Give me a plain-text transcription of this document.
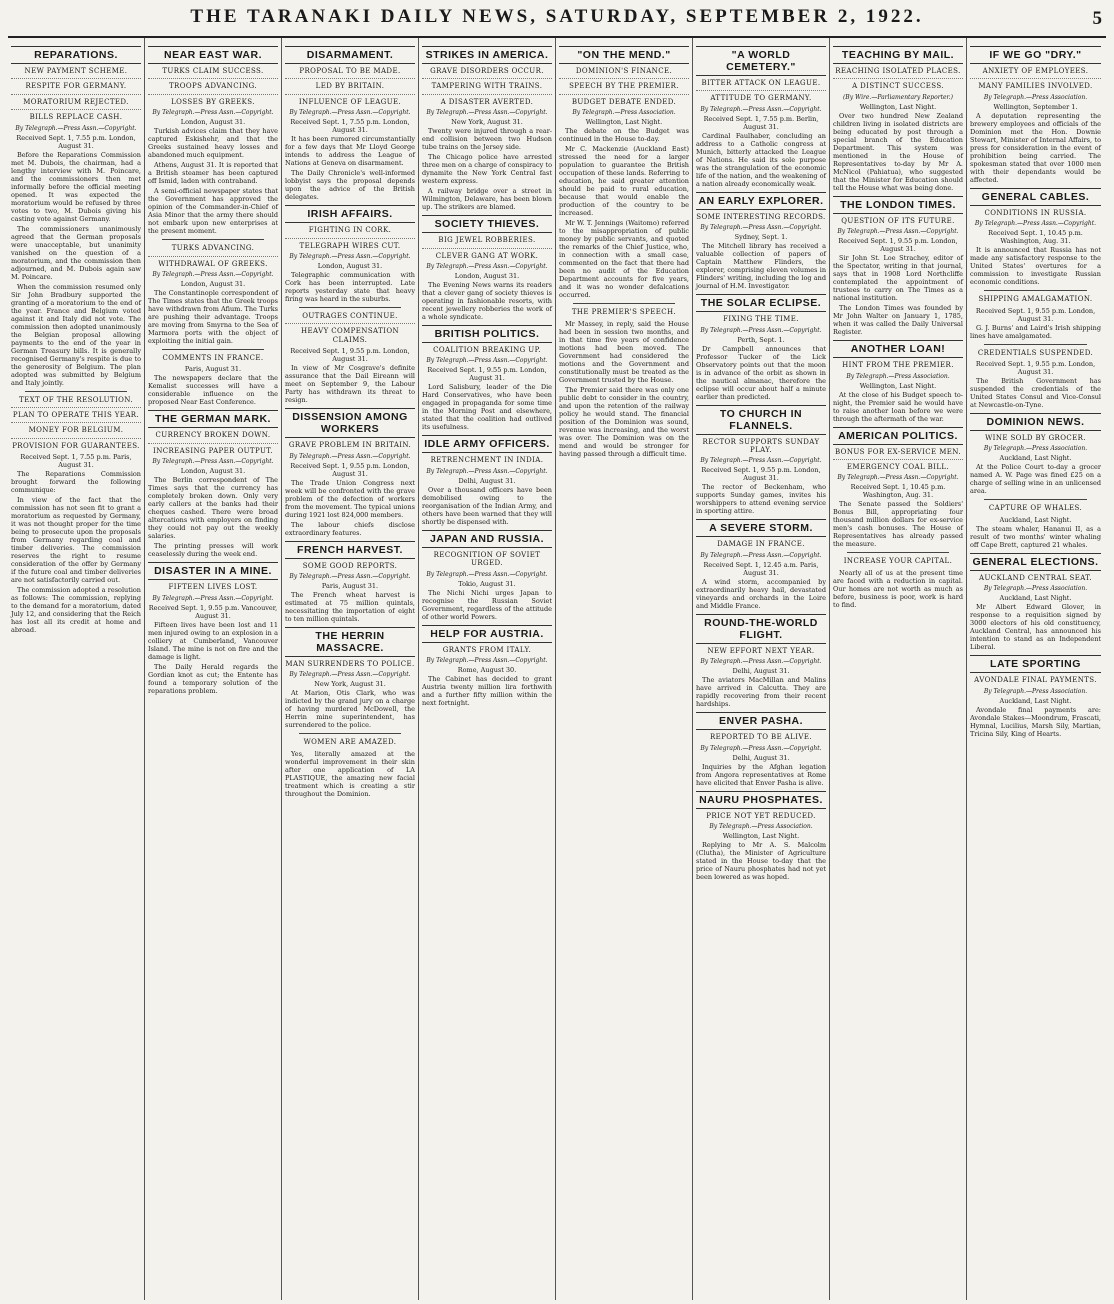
THE TARANAKI DAILY NEWS, SATURDAY, SEPTEMBER 2, 1922.	5
REPARATIONS.
NEW PAYMENT SCHEME.
RESPITE FOR GERMANY.
MORATORIUM REJECTED.
BILLS REPLACE CASH.
By Telegraph.—Press Assn.—Copyright.
Received Sept. 1, 7.55 p.m. London, August 31.

Before the Reparations Commission met M. Dubois, the chairman, had a lengthy interview with M. Poincare, and the commissioners then met informally before the official meeting opened. It was expected the moratorium would be refused by three votes to two, M. Dubois giving his casting vote against Germany.

The commissioners unanimously agreed that the German proposals were unacceptable, but unanimity vanished on the question of a moratorium, and the commission then adjourned, and M. Dubois again saw M. Poincare.

When the commission resumed only Sir John Bradbury supported the granting of a moratorium to the end of the year. France and Belgium voted against it and Italy did not vote. The commission then adopted unanimously the Belgian proposal allowing payments to the end of the year in German Treasury bills. It is generally recognised Germany's respite is due to the generosity of Belgium. The plan adopted was submitted by Belgium and Italy jointly.

TEXT OF THE RESOLUTION.
PLAN TO OPERATE THIS YEAR.
MONEY FOR BELGIUM.
PROVISION FOR GUARANTEES.
Received Sept. 1, 7.55 p.m. Paris, August 31.

The Reparations Commission brought forward the following communique:

In view of the fact that the commission has not seen fit to grant a moratorium as requested by Germany, it was not thought proper for the time being to prosecute upon the proposals from Germany regarding coal and timber deliveries. The commission reserves the right to resume consideration of the offer by Germany if the future coal and timber deliveries are not satisfactorily carried out.

The commission adopted a resolution as follows: The commission, replying to the demand for a moratorium, dated July 12, and considering that the Reich has lost all its credit at home and abroad.

NEAR EAST WAR.
TURKS CLAIM SUCCESS.
TROOPS ADVANCING.
LOSSES BY GREEKS.
By Telegraph.—Press Assn.—Copyright.
London, August 31.

Turkish advices claim that they have captured Eskishehr, and that the Greeks sustained heavy losses and abandoned much equipment.

Athens, August 31. It is reported that a British steamer has been captured off Ismid, laden with contraband.

A semi-official newspaper states that the Government has approved the opinion of the Commander-in-Chief of Asia Minor that the army there should not embark upon new enterprises at the present moment.

TURKS ADVANCING.
WITHDRAWAL OF GREEKS.
By Telegraph.—Press Assn.—Copyright.
London, August 31.

The Constantinople correspondent of The Times states that the Greek troops have withdrawn from Afium. The Turks are pushing their advantage. Troops are moving from Smyrna to the Sea of Marmora ports with the object of exploiting the initial gain.

COMMENTS IN FRANCE.
Paris, August 31.

The newspapers declare that the Kemalist successes will have a considerable influence on the proposed Near East Conference.

THE GERMAN MARK.
CURRENCY BROKEN DOWN.
INCREASING PAPER OUTPUT.
By Telegraph.—Press Assn.—Copyright.
London, August 31.

The Berlin correspondent of The Times says that the currency has completely broken down. Only very early callers at the banks had their cheques cashed. There were broad altercations with employers on finding they could not pay out the weekly salaries.

The printing presses will work ceaselessly during the week end.

DISASTER IN A MINE.
FIFTEEN LIVES LOST.
By Telegraph.—Press Assn.—Copyright.
Received Sept. 1, 9.55 p.m. Vancouver, August 31.

Fifteen lives have been lost and 11 men injured owing to an explosion in a colliery at Cumberland, Vancouver Island. The mine is not on fire and the damage is light.

The Daily Herald regards the Gordian knot as cut; the Entente has found a temporary solution of the reparations problem.

DISARMAMENT.
PROPOSAL TO BE MADE.
LED BY BRITAIN.
INFLUENCE OF LEAGUE.
By Telegraph.—Press Assn.—Copyright.
Received Sept. 1, 7.55 p.m. London, August 31.

It has been rumored circumstantially for a few days that Mr Lloyd George intends to address the League of Nations at Geneva on disarmament.

The Daily Chronicle's well-informed lobbyist says the proposal depends upon the advice of the British delegates.

IRISH AFFAIRS.
FIGHTING IN CORK.
TELEGRAPH WIRES CUT.
By Telegraph.—Press Assn.—Copyright.
London, August 31.

Telegraphic communication with Cork has been interrupted. Late reports yesterday state that heavy firing was heard in the suburbs.

OUTRAGES CONTINUE.
HEAVY COMPENSATION CLAIMS.
Received Sept. 1, 9.55 p.m. London, August 31.

In view of Mr Cosgrave's definite assurance that the Dail Eireann will meet on September 9, the Labour Party has withdrawn its threat to resign.

DISSENSION AMONG WORKERS
GRAVE PROBLEM IN BRITAIN.
By Telegraph.—Press Assn.—Copyright.
Received Sept. 1, 9.55 p.m. London, August 31.

The Trade Union Congress next week will be confronted with the grave problem of the defection of workers from the movement. The typical unions during 1921 lost 824,000 members.

The labour chiefs disclose extraordinary features.

FRENCH HARVEST.
SOME GOOD REPORTS.
By Telegraph.—Press Assn.—Copyright.
Paris, August 31.

The French wheat harvest is estimated at 75 million quintals, necessitating the importation of eight to ten million quintals.

THE HERRIN MASSACRE.
MAN SURRENDERS TO POLICE.
By Telegraph.—Press Assn.—Copyright.
New York, August 31.

At Marion, Otis Clark, who was indicted by the grand jury on a charge of having murdered McDowell, the Herrin mine superintendent, has surrendered to the police.

WOMEN ARE AMAZED.

Yes, literally amazed at the wonderful improvement in their skin after one application of LA PLASTIQUE, the amazing new facial treatment which is creating a stir throughout the Dominion.

STRIKES IN AMERICA.
GRAVE DISORDERS OCCUR.
TAMPERING WITH TRAINS.
A DISASTER AVERTED.
By Telegraph.—Press Assn.—Copyright.
New York, August 31.

Twenty were injured through a rear-end collision between two Hudson tube trains on the Jersey side.

The Chicago police have arrested three men on a charge of conspiracy to dynamite the New York Central fast western express.

A railway bridge over a street in Wilmington, Delaware, has been blown up. The strikers are blamed.

SOCIETY THIEVES.
BIG JEWEL ROBBERIES.
CLEVER GANG AT WORK.
By Telegraph.—Press Assn.—Copyright.
London, August 31.

The Evening News warns its readers that a clever gang of society thieves is operating in fashionable resorts, with recent jewellery robberies the work of a whole syndicate.

BRITISH POLITICS.
COALITION BREAKING UP.
By Telegraph.—Press Assn.—Copyright.
Received Sept. 1, 9.55 p.m. London, August 31.

Lord Salisbury, leader of the Die Hard Conservatives, who have been engaged in propaganda for some time in the Morning Post and elsewhere, stated that the coalition had outlived its usefulness.

IDLE ARMY OFFICERS.
RETRENCHMENT IN INDIA.
By Telegraph.—Press Assn.—Copyright.
Delhi, August 31.

Over a thousand officers have been demobilised owing to the reorganisation of the Indian Army, and others have been warned that they will shortly be dispensed with.

JAPAN AND RUSSIA.
RECOGNITION OF SOVIET URGED.
By Telegraph.—Press Assn.—Copyright.
Tokio, August 31.

The Nichi Nichi urges Japan to recognise the Russian Soviet Government, regardless of the attitude of other world Powers.

HELP FOR AUSTRIA.
GRANTS FROM ITALY.
By Telegraph.—Press Assn.—Copyright.
Rome, August 30.

The Cabinet has decided to grant Austria twenty million lira forthwith and a further fifty million within the next fortnight.

"ON THE MEND."
DOMINION'S FINANCE.
SPEECH BY THE PREMIER.
BUDGET DEBATE ENDED.
By Telegraph.—Press Association.
Wellington, Last Night.

The debate on the Budget was continued in the House to-day.

Mr C. Mackenzie (Auckland East) stressed the need for a larger population to guarantee the British occupation of these lands. Referring to education, he said greater attention should be paid to rural education, because that would enable the production of the country to be increased.

Mr W. T. Jennings (Waitomo) referred to the misappropriation of public money by public servants, and quoted the remarks of the Chief Justice, who, in connection with a small case, commented on the fact that there had been no audit of the Education Department accounts for five years, and it was no wonder defalcations occurred.

THE PREMIER'S SPEECH.

Mr Massey, in reply, said the House had been in session two months, and in that time five years of confidence motions had been moved. The Government had considered the motions and the Government and constitutionally must be treated as the Government trusted by the House.

The Premier said there was only one public debt to consider in the country, and upon the retention of the railway policy he would stand. The financial position of the Dominion was sound, revenue was increasing, and the worst was over. The Dominion was on the mend and would be stronger for having passed through a difficult time.

"A WORLD CEMETERY."
BITTER ATTACK ON LEAGUE.
ATTITUDE TO GERMANY.
By Telegraph.—Press Assn.—Copyright.
Received Sept. 1, 7.55 p.m. Berlin, August 31.

Cardinal Faulhaber, concluding an address to a Catholic congress at Munich, bitterly attacked the League of Nations. He said its sole purpose was the strangulation of the economic life of the nation, and the weakening of a nation already economically weak.

AN EARLY EXPLORER.
SOME INTERESTING RECORDS.
By Telegraph.—Press Assn.—Copyright.
Sydney, Sept. 1.

The Mitchell library has received a valuable collection of papers of Captain Matthew Flinders, the explorer, comprising eleven volumes in Flinders' writing, including the log and journal of H.M. Investigator.

THE SOLAR ECLIPSE.
FIXING THE TIME.
By Telegraph.—Press Assn.—Copyright.
Perth, Sept. 1.

Dr Campbell announces that Professor Tucker of the Lick Observatory points out that the moon is in advance of the orbit as shown in the nautical almanac, therefore the eclipse will occur about half a minute earlier than predicted.

TO CHURCH IN FLANNELS.
RECTOR SUPPORTS SUNDAY PLAY.
By Telegraph.—Press Assn.—Copyright.
Received Sept. 1, 9.55 p.m. London, August 31.

The rector of Beckenham, who supports Sunday games, invites his worshippers to attend evening service in sporting attire.

A SEVERE STORM.
DAMAGE IN FRANCE.
By Telegraph.—Press Assn.—Copyright.
Received Sept. 1, 12.45 a.m. Paris, August 31.

A wind storm, accompanied by extraordinarily heavy hail, devastated vineyards and orchards in the Loire and Middle France.

ROUND-THE-WORLD FLIGHT.
NEW EFFORT NEXT YEAR.
By Telegraph.—Press Assn.—Copyright.
Delhi, August 31.

The aviators MacMillan and Malins have arrived in Calcutta. They are rapidly recovering from their recent hardships.

ENVER PASHA.
REPORTED TO BE ALIVE.
By Telegraph.—Press Assn.—Copyright.
Delhi, August 31.

Inquiries by the Afghan legation from Angora representatives at Rome have elicited that Enver Pasha is alive.

NAURU PHOSPHATES.
PRICE NOT YET REDUCED.
By Telegraph.—Press Association.
Wellington, Last Night.

Replying to Mr A. S. Malcolm (Clutha), the Minister of Agriculture stated in the House to-day that the price of Nauru phosphates had not yet been lowered as was hoped.

TEACHING BY MAIL.
REACHING ISOLATED PLACES.
A DISTINCT SUCCESS.
(By Wire.—Parliamentary Reporter.)
Wellington, Last Night.

Over two hundred New Zealand children living in isolated districts are being educated by post through a special branch of the Education Department. This system was mentioned in the House of Representatives to-day by Mr A. McNicol (Pahiatua), who suggested that the Minister for Education should tell the House what was being done.

THE LONDON TIMES.
QUESTION OF ITS FUTURE.
By Telegraph.—Press Assn.—Copyright.
Received Sept. 1, 9.55 p.m. London, August 31.

Sir John St. Loe Strachey, editor of the Spectator, writing in that journal, says that in 1908 Lord Northcliffe contemplated the appointment of trustees to carry on The Times as a national institution.

The London Times was founded by Mr John Walter on January 1, 1785, when it was called the Daily Universal Register.

ANOTHER LOAN!
HINT FROM THE PREMIER.
By Telegraph.—Press Association.
Wellington, Last Night.

At the close of his Budget speech to-night, the Premier said he would have to raise another loan before we were through the aftermath of the war.

AMERICAN POLITICS.
BONUS FOR EX-SERVICE MEN.
EMERGENCY COAL BILL.
By Telegraph.—Press Assn.—Copyright.
Received Sept. 1, 10.45 p.m. Washington, Aug. 31.

The Senate passed the Soldiers' Bonus Bill, appropriating four thousand million dollars for ex-service men's cash bonuses. The House of Representatives has already passed the measure.

INCREASE YOUR CAPITAL.

Nearly all of us at the present time are faced with a reduction in capital. Our homes are not worth as much as before, business is poor, work is hard to find.

IF WE GO "DRY."
ANXIETY OF EMPLOYEES.
MANY FAMILIES INVOLVED.
By Telegraph.—Press Association.
Wellington, September 1.

A deputation representing the brewery employees and officials of the Dominion met the Hon. Downie Stewart, Minister of Internal Affairs, to press for consideration in the event of prohibition being carried. The spokesman stated that over 1000 men with their dependants would be affected.

GENERAL CABLES.
CONDITIONS IN RUSSIA.
By Telegraph.—Press Assn.—Copyright.
Received Sept. 1, 10.45 p.m. Washington, Aug. 31.

It is announced that Russia has not made any satisfactory response to the United States' overtures for a commission to investigate Russian economic conditions.

SHIPPING AMALGAMATION.
Received Sept. 1, 9.55 p.m. London, August 31.

G. J. Burns' and Laird's Irish shipping lines have amalgamated.

CREDENTIALS SUSPENDED.
Received Sept. 1, 9.55 p.m. London, August 31.

The British Government has suspended the credentials of the United States Consul and Vice-Consul at Newcastle-on-Tyne.

DOMINION NEWS.
WINE SOLD BY GROCER.
By Telegraph.—Press Association.
Auckland, Last Night.

At the Police Court to-day a grocer named A. W. Page was fined £25 on a charge of selling wine in an unlicensed area.

CAPTURE OF WHALES.
Auckland, Last Night.

The steam whaler, Hananui II, as a result of two months' winter whaling off Cape Brett, captured 21 whales.

GENERAL ELECTIONS.
AUCKLAND CENTRAL SEAT.
By Telegraph.—Press Association.
Auckland, Last Night.

Mr Albert Edward Glover, in response to a requisition signed by 3000 electors of his old constituency, Auckland Central, has announced his intention to stand as an Independent Liberal.

LATE SPORTING
AVONDALE FINAL PAYMENTS.
By Telegraph.—Press Association.
Auckland, Last Night.

Avondale final payments are: Avondale Stakes—Moondrum, Frascati, Hymnal, Lucilius, Marsh Sily, Martian, Tricina Sily, King of Hearts.
